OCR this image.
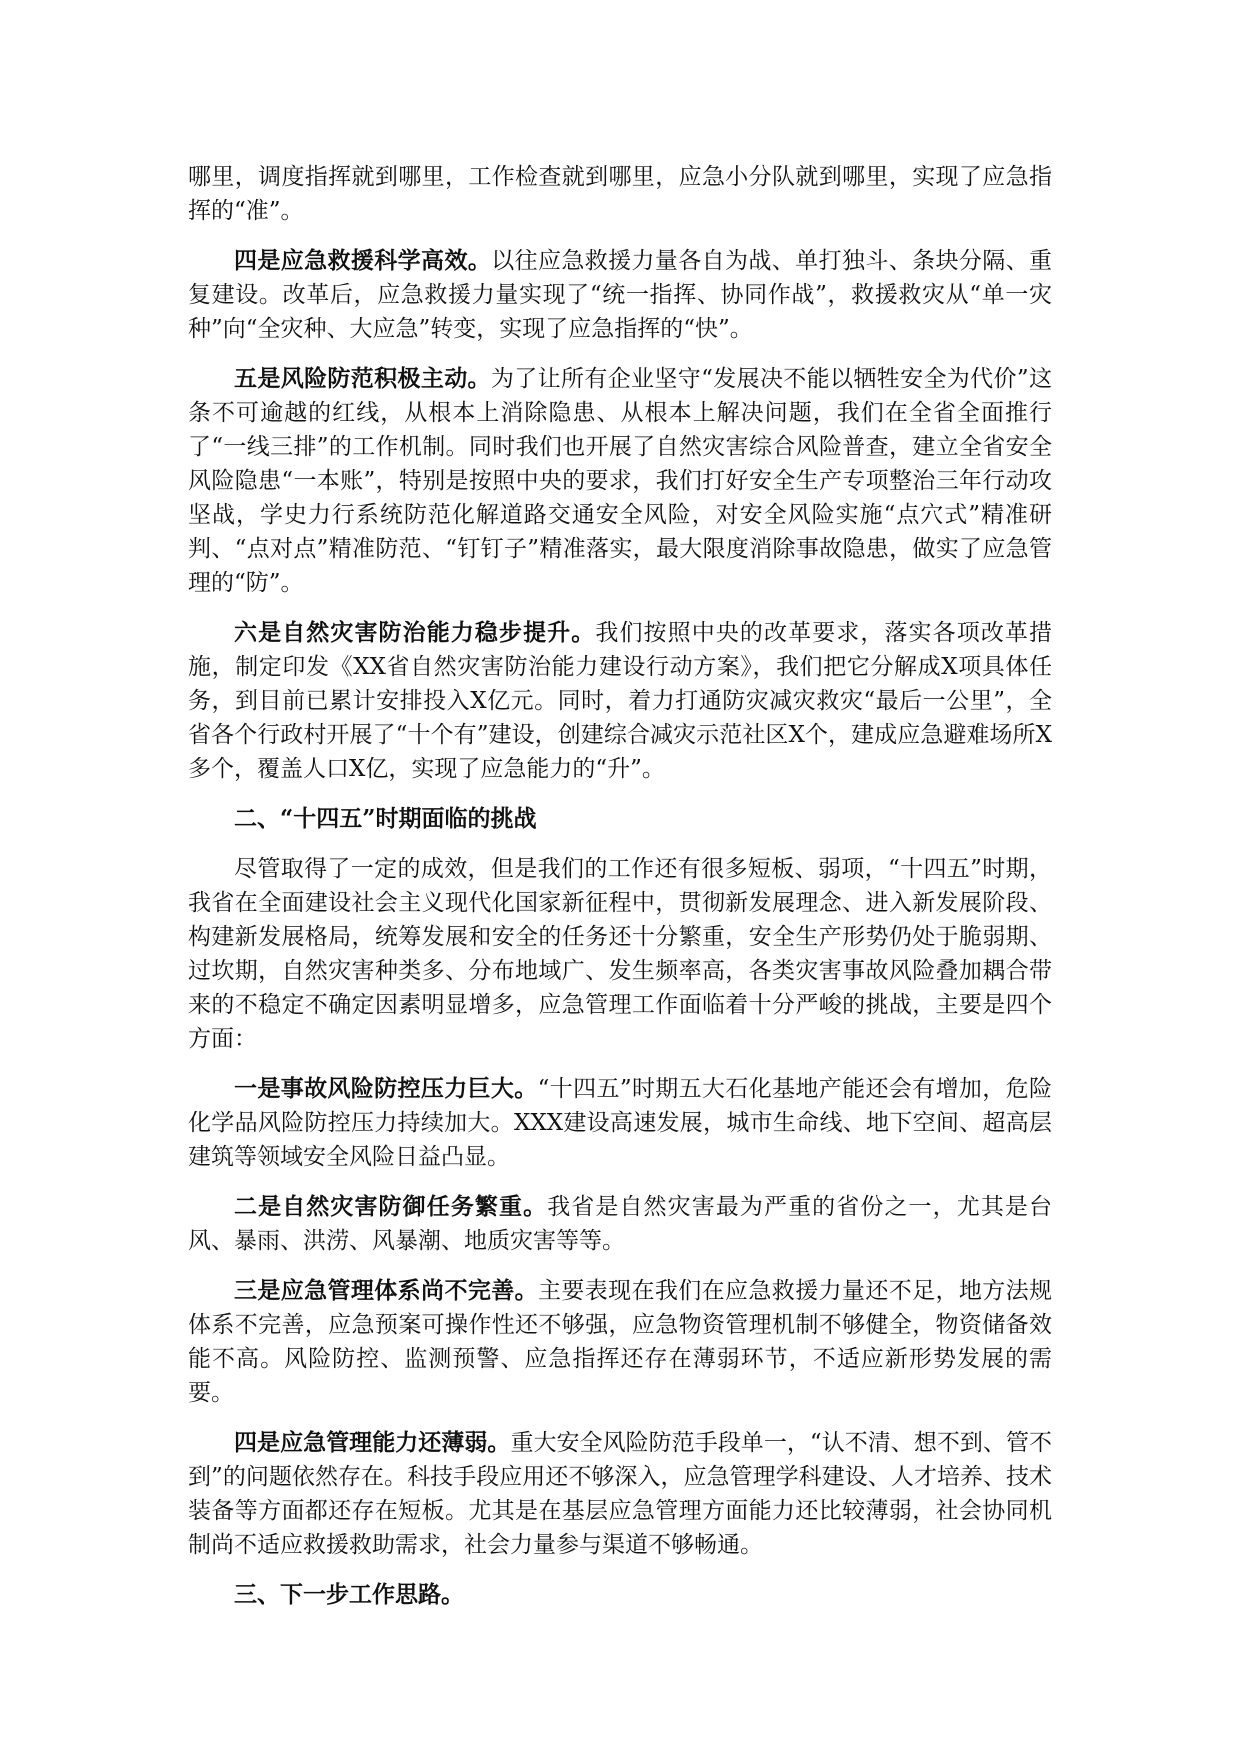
哪里，调度指挥就到哪里，工作检查就到哪里，应急小分队就到哪里，实现了应急指挥的“准”。

四是应急救援科学高效。以往应急救援力量各自为战、单打独斗、条块分隔、重复建设。改革后，应急救援力量实现了“统一指挥、协同作战”，救援救灾从“单一灾种”向“全灾种、大应急”转变，实现了应急指挥的“快”。

五是风险防范积极主动。为了让所有企业坚守“发展决不能以牺牲安全为代价”这条不可逾越的红线，从根本上消除隐患、从根本上解决问题，我们在全省全面推行了“一线三排”的工作机制。同时我们也开展了自然灾害综合风险普查，建立全省安全风险隐患“一本账”，特别是按照中央的要求，我们打好安全生产专项整治三年行动攻坚战，学史力行系统防范化解道路交通安全风险，对安全风险实施“点穴式”精准研判、“点对点”精准防范、“钉钉子”精准落实，最大限度消除事故隐患，做实了应急管理的“防”。

六是自然灾害防治能力稳步提升。我们按照中央的改革要求，落实各项改革措施，制定印发《XX省自然灾害防治能力建设行动方案》，我们把它分解成X项具体任务，到目前已累计安排投入X亿元。同时，着力打通防灾减灾救灾“最后一公里”，全省各个行政村开展了“十个有”建设，创建综合减灾示范社区X个，建成应急避难场所X多个，覆盖人口X亿，实现了应急能力的“升”。

二、“十四五”时期面临的挑战

尽管取得了一定的成效，但是我们的工作还有很多短板、弱项，“十四五”时期，我省在全面建设社会主义现代化国家新征程中，贯彻新发展理念、进入新发展阶段、构建新发展格局，统筹发展和安全的任务还十分繁重，安全生产形势仍处于脆弱期、过坎期，自然灾害种类多、分布地域广、发生频率高，各类灾害事故风险叠加耦合带来的不稳定不确定因素明显增多，应急管理工作面临着十分严峻的挑战，主要是四个方面：

一是事故风险防控压力巨大。“十四五”时期五大石化基地产能还会有增加，危险化学品风险防控压力持续加大。XXX建设高速发展，城市生命线、地下空间、超高层建筑等领域安全风险日益凸显。

二是自然灾害防御任务繁重。我省是自然灾害最为严重的省份之一，尤其是台风、暴雨、洪涝、风暴潮、地质灾害等等。

三是应急管理体系尚不完善。主要表现在我们在应急救援力量还不足，地方法规体系不完善，应急预案可操作性还不够强，应急物资管理机制不够健全，物资储备效能不高。风险防控、监测预警、应急指挥还存在薄弱环节，不适应新形势发展的需要。

四是应急管理能力还薄弱。重大安全风险防范手段单一，“认不清、想不到、管不到”的问题依然存在。科技手段应用还不够深入，应急管理学科建设、人才培养、技术装备等方面都还存在短板。尤其是在基层应急管理方面能力还比较薄弱，社会协同机制尚不适应救援救助需求，社会力量参与渠道不够畅通。

三、下一步工作思路。
